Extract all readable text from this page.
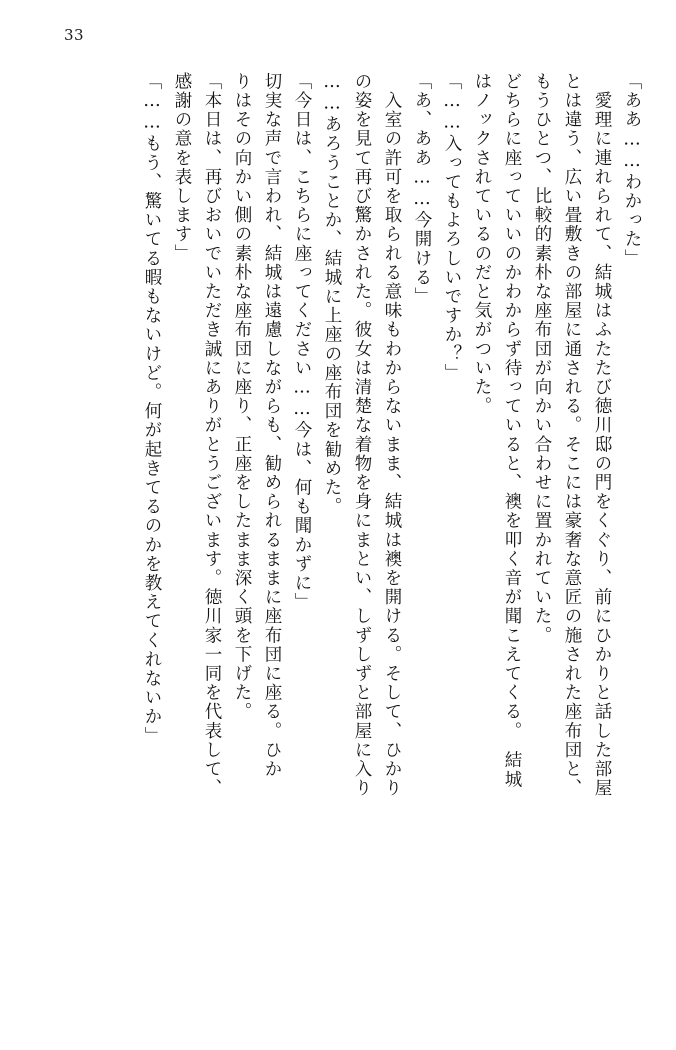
33
「ああ……わかった」
　愛理に連れられて、結城はふたたび徳川邸の門をくぐり、前にひかりと話した部屋
とは違う、広い畳敷きの部屋に通される。そこには豪奢な意匠の施された座布団と、
もうひとつ、比較的素朴な座布団が向かい合わせに置かれていた。
どちらに座っていいのかわからず待っていると、襖を叩く音が聞こえてくる。　結城
はノックされているのだと気がついた。
「……入ってもよろしいですか？」
「あ、ああ……今開ける」
　入室の許可を取られる意味もわからないまま、結城は襖を開ける。そして、ひかり
の姿を見て再び驚かされた。彼女は清楚な着物を身にまとい、しずしずと部屋に入り
……あろうことか、結城に上座の座布団を勧めた。
「今日は、こちらに座ってください……今は、何も聞かずに」
切実な声で言われ、結城は遠慮しながらも、勧められるままに座布団に座る。ひか
りはその向かい側の素朴な座布団に座り、正座をしたまま深く頭を下げた。
「本日は、再びおいでいただき誠にありがとうございます。徳川家一同を代表して、
感謝の意を表します」
「……もう、驚いてる暇もないけど。何が起きてるのかを教えてくれないか」
